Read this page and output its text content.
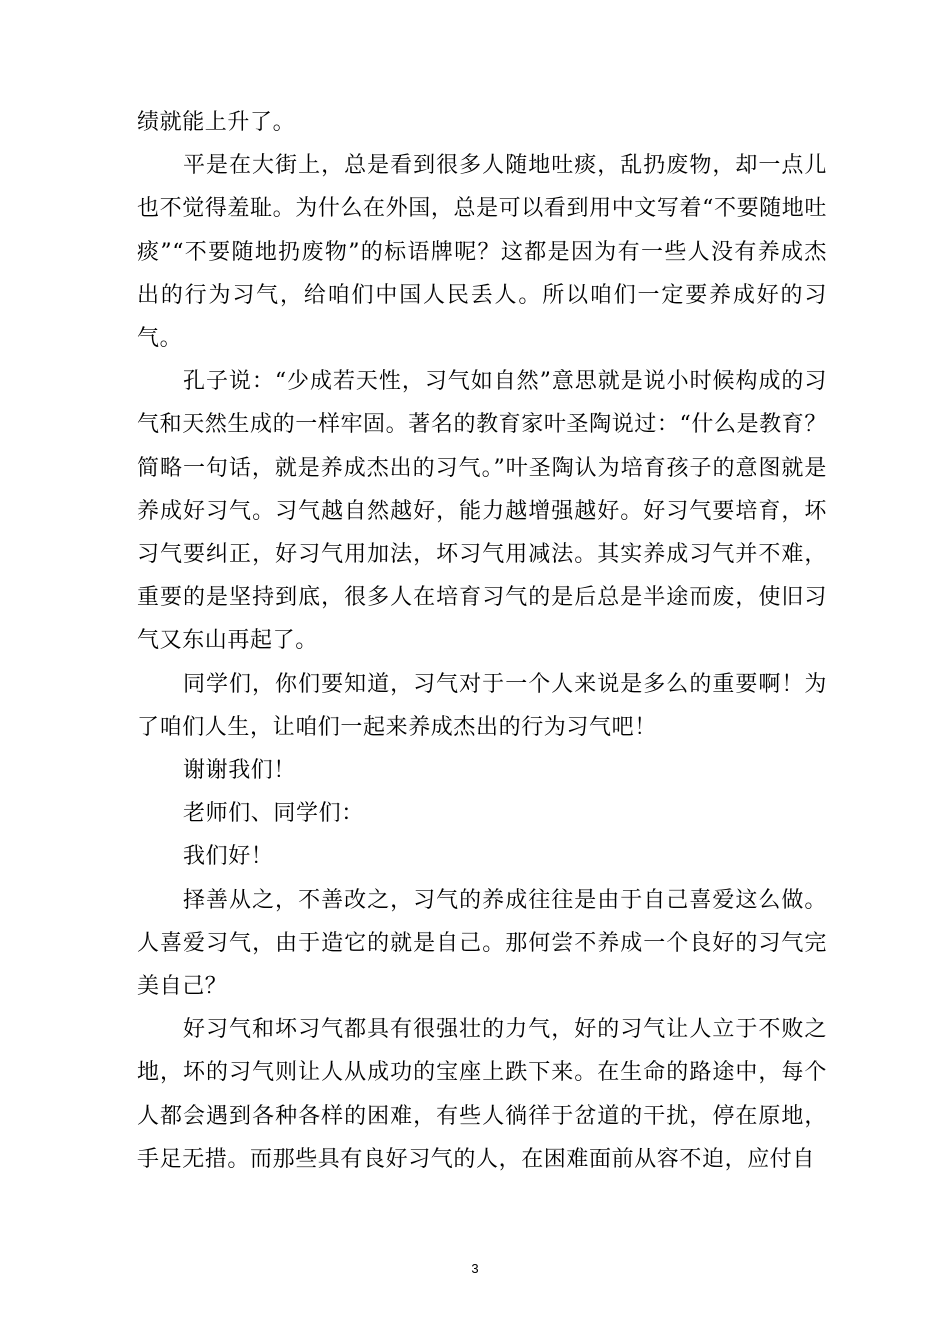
绩就能上升了。

平是在大街上，总是看到很多人随地吐痰，乱扔废物，却一点儿也不觉得羞耻。为什么在外国，总是可以看到用中文写着“不要随地吐痰”“不要随地扔废物”的标语牌呢？这都是因为有一些人没有养成杰出的行为习气，给咱们中国人民丢人。所以咱们一定要养成好的习气。

孔子说：“少成若天性，习气如自然”意思就是说小时候构成的习气和天然生成的一样牢固。著名的教育家叶圣陶说过：“什么是教育？简略一句话，就是养成杰出的习气。”叶圣陶认为培育孩子的意图就是养成好习气。习气越自然越好，能力越增强越好。好习气要培育，坏习气要纠正，好习气用加法，坏习气用减法。其实养成习气并不难，重要的是坚持到底，很多人在培育习气的是后总是半途而废，使旧习气又东山再起了。

同学们，你们要知道，习气对于一个人来说是多么的重要啊！为了咱们人生，让咱们一起来养成杰出的行为习气吧！

谢谢我们！

老师们、同学们：

我们好！

择善从之，不善改之，习气的养成往往是由于自己喜爱这么做。人喜爱习气，由于造它的就是自己。那何尝不养成一个良好的习气完美自己？

好习气和坏习气都具有很强壮的力气，好的习气让人立于不败之地，坏的习气则让人从成功的宝座上跌下来。在生命的路途中，每个人都会遇到各种各样的困难，有些人徜徉于岔道的干扰，停在原地，手足无措。而那些具有良好习气的人，在困难面前从容不迫，应付自

3
